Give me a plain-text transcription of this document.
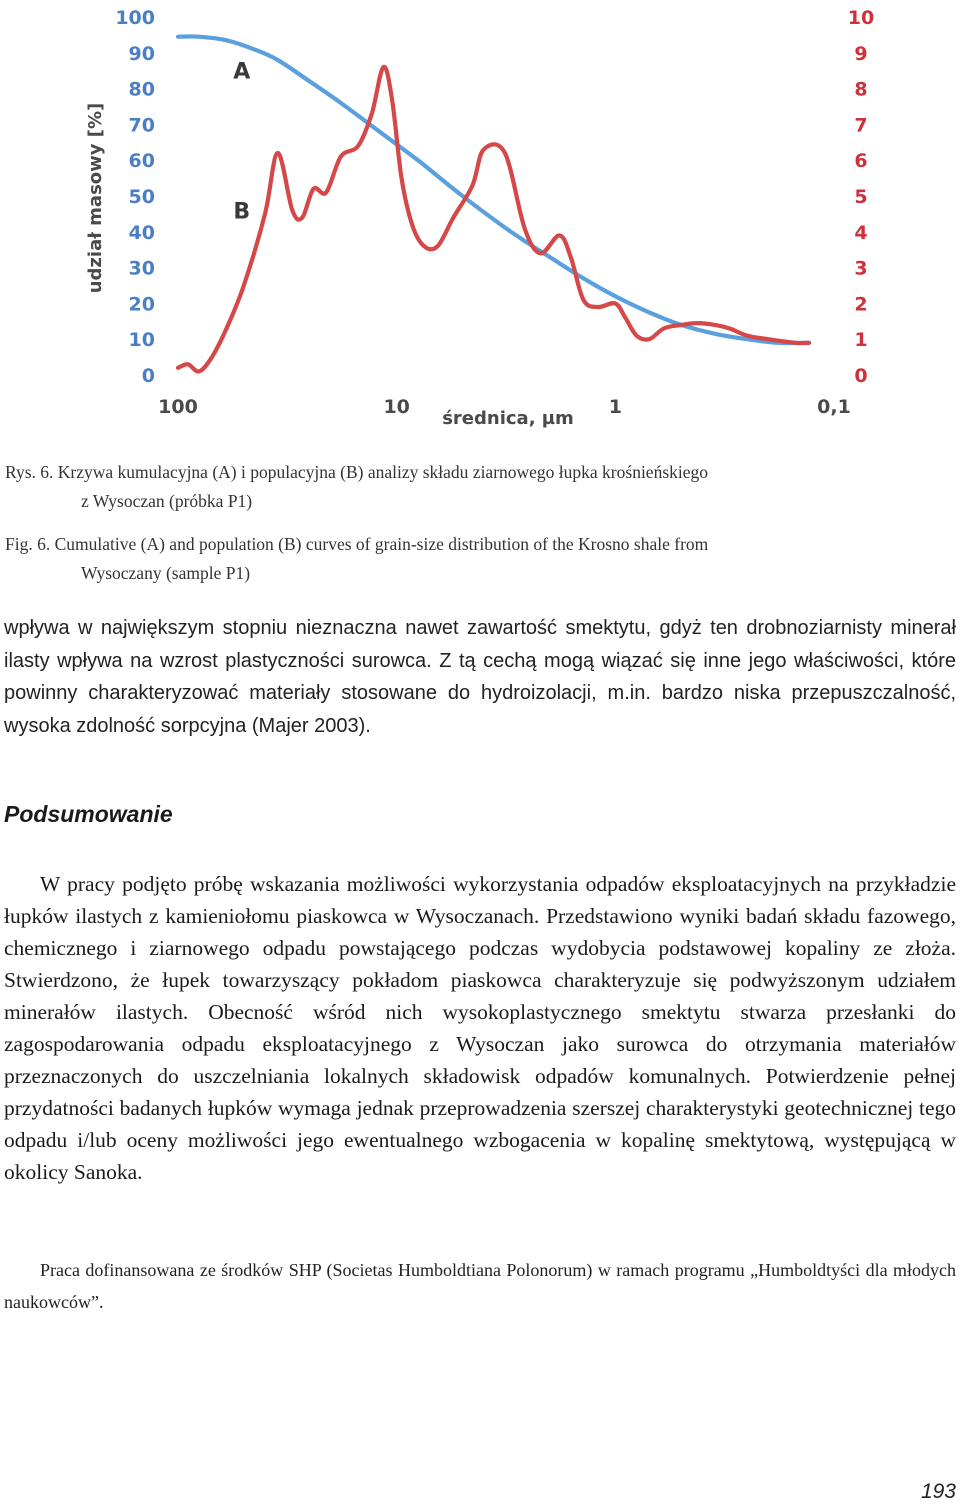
udział masowy [%]
średnica, µm
0
10
20
30
40
50
60
70
80
90
100
0
1
2
3
4
5
6
7
8
9
10
100	10	1	0,1
A
B
Rys. 6. Krzywa kumulacyjna (A) i populacyjna (B) analizy składu ziarnowego łupka krośnieńskiego
z Wysoczan (próbka P1)
Fig. 6. Cumulative (A) and population (B) curves of grain-size distribution of the Krosno shale from
Wysoczany (sample P1)

wpływa w największym stopniu nieznaczna nawet zawartość smektytu, gdyż ten drobnoziarnisty minerał ilasty wpływa na wzrost plastyczności surowca. Z tą cechą mogą wiązać się inne jego właściwości, które powinny charakteryzować materiały stosowane do hydroizolacji, m.in. bardzo niska przepuszczalność, wysoka zdolność sorpcyjna (Majer 2003).

Podsumowanie

W pracy podjęto próbę wskazania możliwości wykorzystania odpadów eksploatacyjnych na przykładzie łupków ilastych z kamieniołomu piaskowca w Wysoczanach. Przedstawiono wyniki badań składu fazowego, chemicznego i ziarnowego odpadu powstającego podczas wydobycia podstawowej kopaliny ze złoża. Stwierdzono, że łupek towarzyszący pokładom piaskowca charakteryzuje się podwyższonym udziałem minerałów ilastych. Obecność wśród nich wysokoplastycznego smektytu stwarza przesłanki do zagospodarowania odpadu eksploatacyjnego z Wysoczan jako surowca do otrzymania materiałów przeznaczonych do uszczelniania lokalnych składowisk odpadów komunalnych. Potwierdzenie pełnej przydatności badanych łupków wymaga jednak przeprowadzenia szerszej charakterystyki geotechnicznej tego odpadu i/lub oceny możliwości jego ewentualnego wzbogacenia w kopalinę smektytową, występującą w okolicy Sanoka.

Praca dofinansowana ze środków SHP (Societas Humboldtiana Polonorum) w ramach programu „Humboldtyści dla młodych naukowców”.

193
